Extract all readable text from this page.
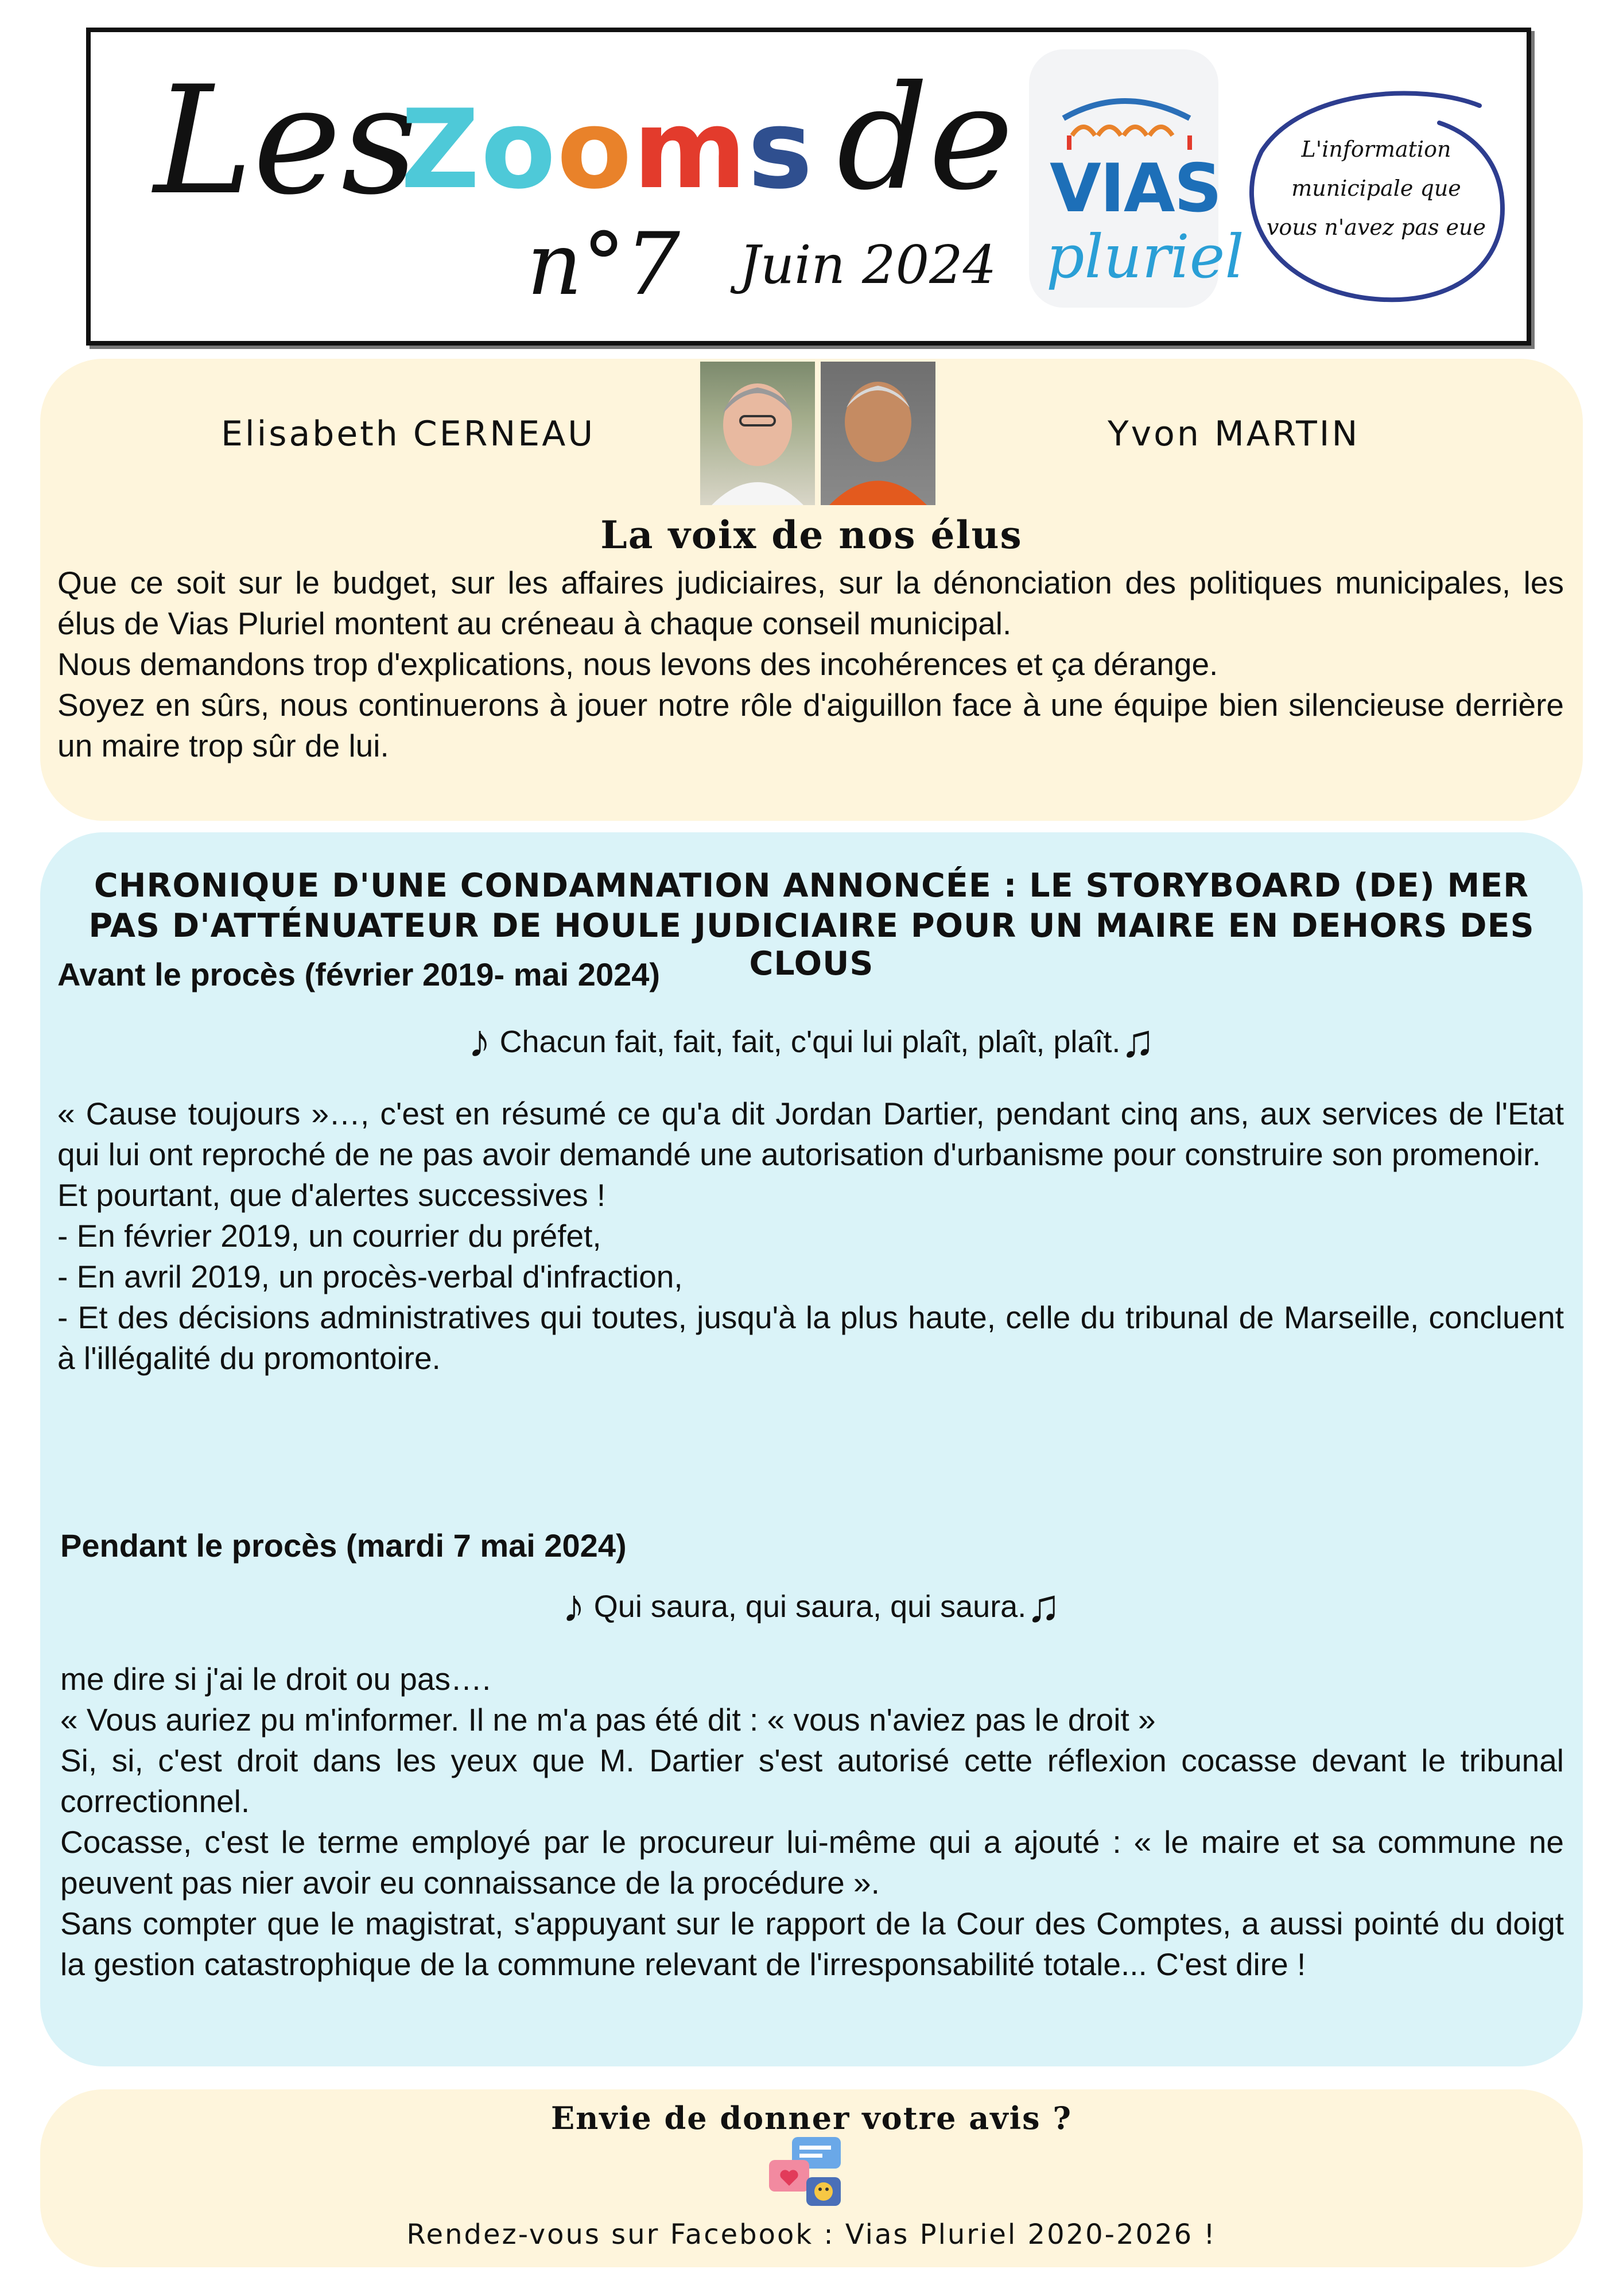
Les
Zooms de
n°7 Juin 2024
VIAS
pluriel
L'information municipale que vous n'avez pas eue
Elisabeth CERNEAU	Yvon MARTIN
La voix de nos élus

Que ce soit sur le budget, sur les affaires judiciaires, sur la dénonciation des politiques municipales, les élus de Vias Pluriel montent au créneau à chaque conseil municipal.

Nous demandons trop d'explications, nous levons des incohérences et ça dérange.

Soyez en sûrs, nous continuerons à jouer notre rôle d'aiguillon face à une équipe bien silencieuse derrière un maire trop sûr de lui.

CHRONIQUE D'UNE CONDAMNATION ANNONCÉE : LE STORYBOARD (DE) MER
PAS D'ATTÉNUATEUR DE HOULE JUDICIAIRE POUR UN MAIRE EN DEHORS DES CLOUS
Avant le procès (février 2019- mai 2024)
♪ Chacun fait, fait, fait, c'qui lui plaît, plaît, plaît.♫

« Cause toujours »…, c'est en résumé ce qu'a dit Jordan Dartier, pendant cinq ans, aux services de l'Etat qui lui ont reproché de ne pas avoir demandé une autorisation d'urbanisme pour construire son promenoir.

Et pourtant, que d'alertes successives !

- En février 2019, un courrier du préfet,

- En avril 2019, un procès-verbal d'infraction,

- Et des décisions administratives qui toutes, jusqu'à la plus haute, celle du tribunal de Marseille, concluent à l'illégalité du promontoire.

Pendant le procès (mardi 7 mai 2024)
♪ Qui saura, qui saura, qui saura.♫

me dire si j'ai le droit ou pas….

« Vous auriez pu m'informer. Il ne m'a pas été dit : « vous n'aviez pas le droit »

Si, si, c'est droit dans les yeux que M. Dartier s'est autorisé cette réflexion cocasse devant le tribunal correctionnel.

Cocasse, c'est le terme employé par le procureur lui-même qui a ajouté : « le maire et sa commune ne peuvent pas nier avoir eu connaissance de la procédure ».

Sans compter que le magistrat, s'appuyant sur le rapport de la Cour des Comptes, a aussi pointé du doigt la gestion catastrophique de la commune relevant de l'irresponsabilité totale... C'est dire !

Envie de donner votre avis ?
Rendez-vous sur Facebook : Vias Pluriel 2020-2026 !
